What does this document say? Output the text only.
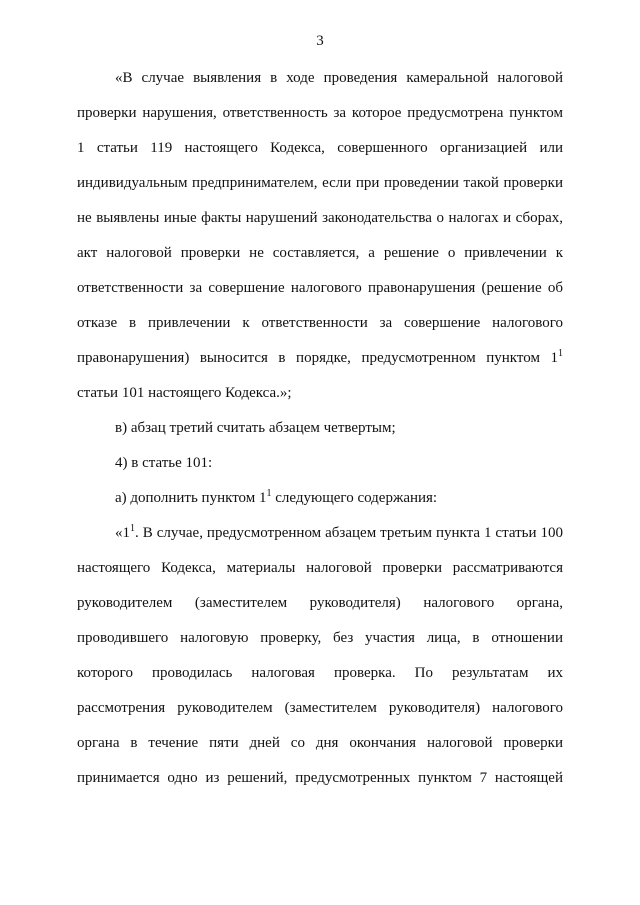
3
«В случае выявления в ходе проведения камеральной налоговой
проверки нарушения, ответственность за которое предусмотрена пунктом
1 статьи 119 настоящего Кодекса, совершенного организацией или
индивидуальным предпринимателем, если при проведении такой проверки
не выявлены иные факты нарушений законодательства о налогах и сборах,
акт налоговой проверки не составляется, а решение о привлечении к
ответственности за совершение налогового правонарушения (решение об
отказе в привлечении к ответственности за совершение налогового
правонарушения) выносится в порядке, предусмотренном пунктом $1^1$
статьи 101 настоящего Кодекса.»;
в) абзац третий считать абзацем четвертым;
4) в статье 101:
а) дополнить пунктом $1^1$ следующего содержания:
«$1^1$. В случае, предусмотренном абзацем третьим пункта 1 статьи 100
настоящего Кодекса, материалы налоговой проверки рассматриваются
руководителем (заместителем руководителя) налогового органа,
проводившего налоговую проверку, без участия лица, в отношении
которого проводилась налоговая проверка. По результатам их
рассмотрения руководителем (заместителем руководителя) налогового
органа в течение пяти дней со дня окончания налоговой проверки
принимается одно из решений, предусмотренных пунктом 7 настоящей
